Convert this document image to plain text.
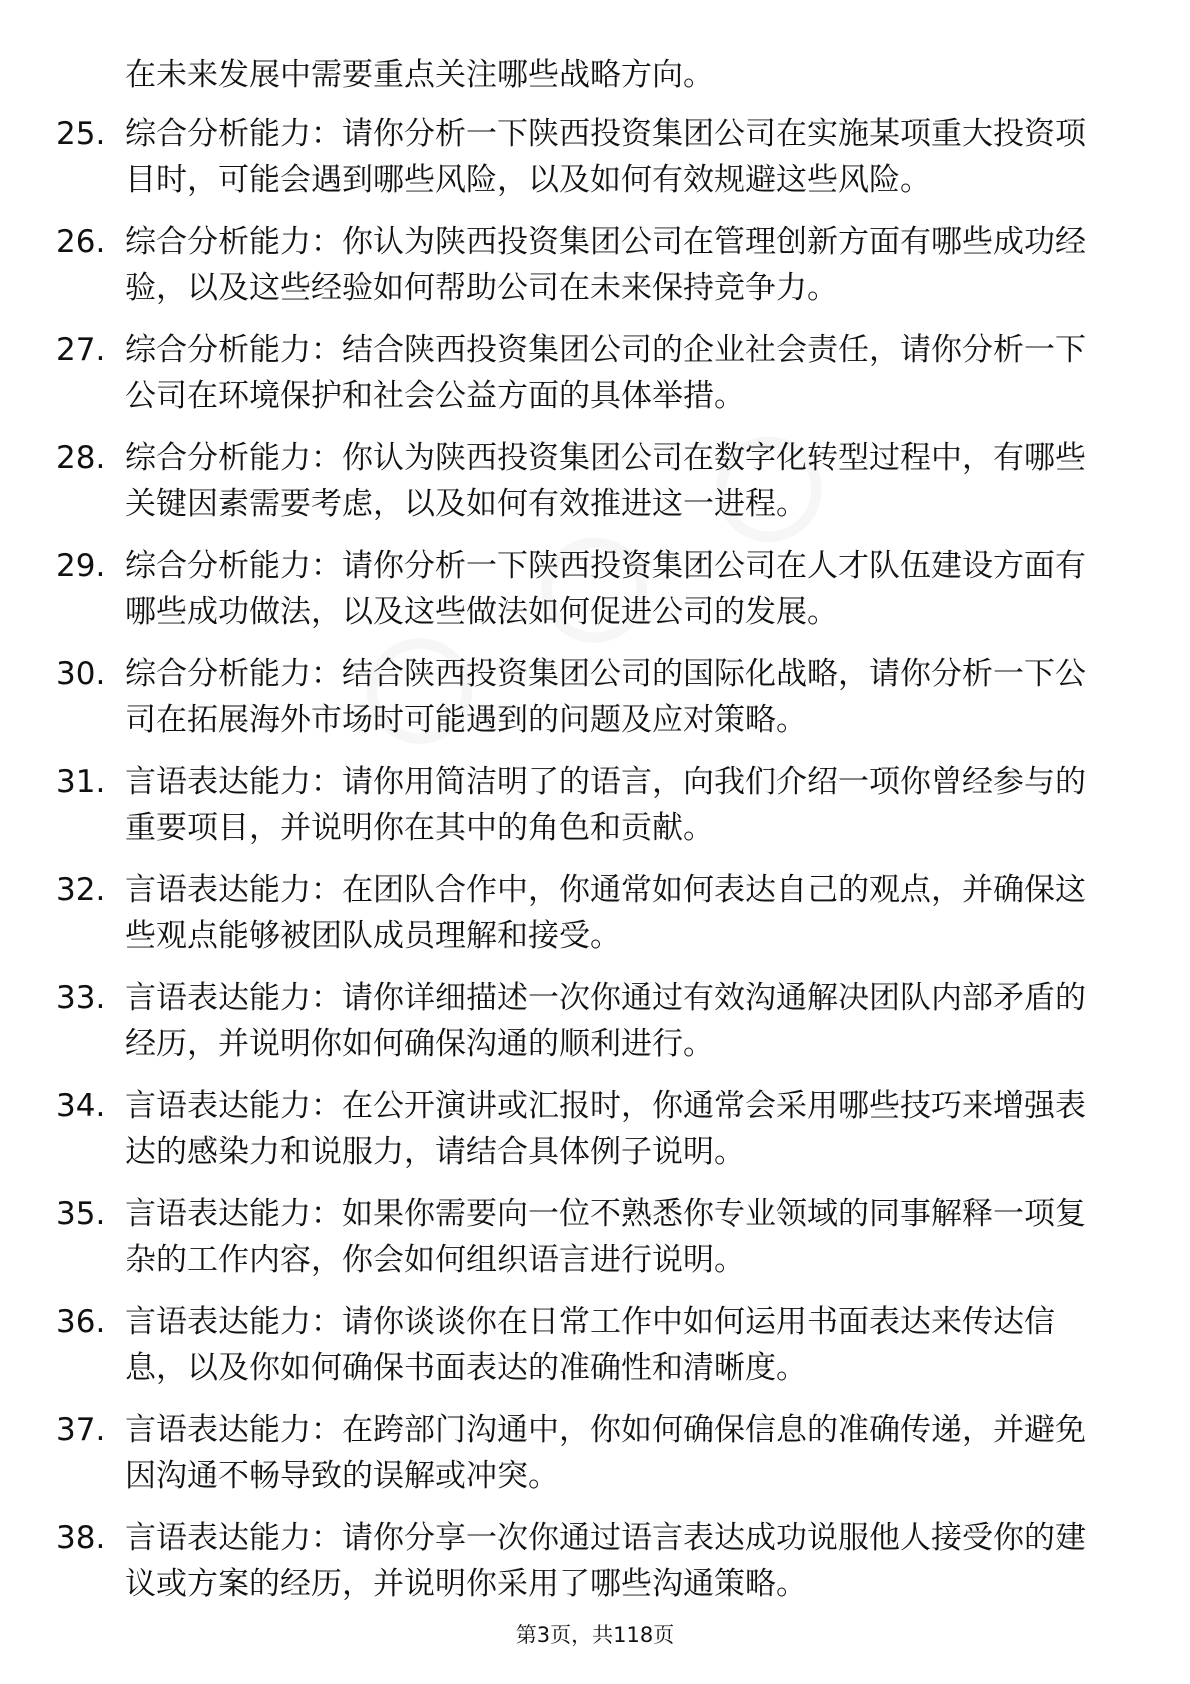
在未来发展中需要重点关注哪些战略方向。
25. 综合分析能力：请你分析一下陕西投资集团公司在实施某项重大投资项目时，可能会遇到哪些风险，以及如何有效规避这些风险。
26. 综合分析能力：你认为陕西投资集团公司在管理创新方面有哪些成功经验，以及这些经验如何帮助公司在未来保持竞争力。
27. 综合分析能力：结合陕西投资集团公司的企业社会责任，请你分析一下公司在环境保护和社会公益方面的具体举措。
28. 综合分析能力：你认为陕西投资集团公司在数字化转型过程中，有哪些关键因素需要考虑，以及如何有效推进这一进程。
29. 综合分析能力：请你分析一下陕西投资集团公司在人才队伍建设方面有哪些成功做法，以及这些做法如何促进公司的发展。
30. 综合分析能力：结合陕西投资集团公司的国际化战略，请你分析一下公司在拓展海外市场时可能遇到的问题及应对策略。
31. 言语表达能力：请你用简洁明了的语言，向我们介绍一项你曾经参与的重要项目，并说明你在其中的角色和贡献。
32. 言语表达能力：在团队合作中，你通常如何表达自己的观点，并确保这些观点能够被团队成员理解和接受。
33. 言语表达能力：请你详细描述一次你通过有效沟通解决团队内部矛盾的经历，并说明你如何确保沟通的顺利进行。
34. 言语表达能力：在公开演讲或汇报时，你通常会采用哪些技巧来增强表达的感染力和说服力，请结合具体例子说明。
35. 言语表达能力：如果你需要向一位不熟悉你专业领域的同事解释一项复杂的工作内容，你会如何组织语言进行说明。
36. 言语表达能力：请你谈谈你在日常工作中如何运用书面表达来传达信息，以及你如何确保书面表达的准确性和清晰度。
37. 言语表达能力：在跨部门沟通中，你如何确保信息的准确传递，并避免因沟通不畅导致的误解或冲突。
38. 言语表达能力：请你分享一次你通过语言表达成功说服他人接受你的建议或方案的经历，并说明你采用了哪些沟通策略。
第3页，共118页
